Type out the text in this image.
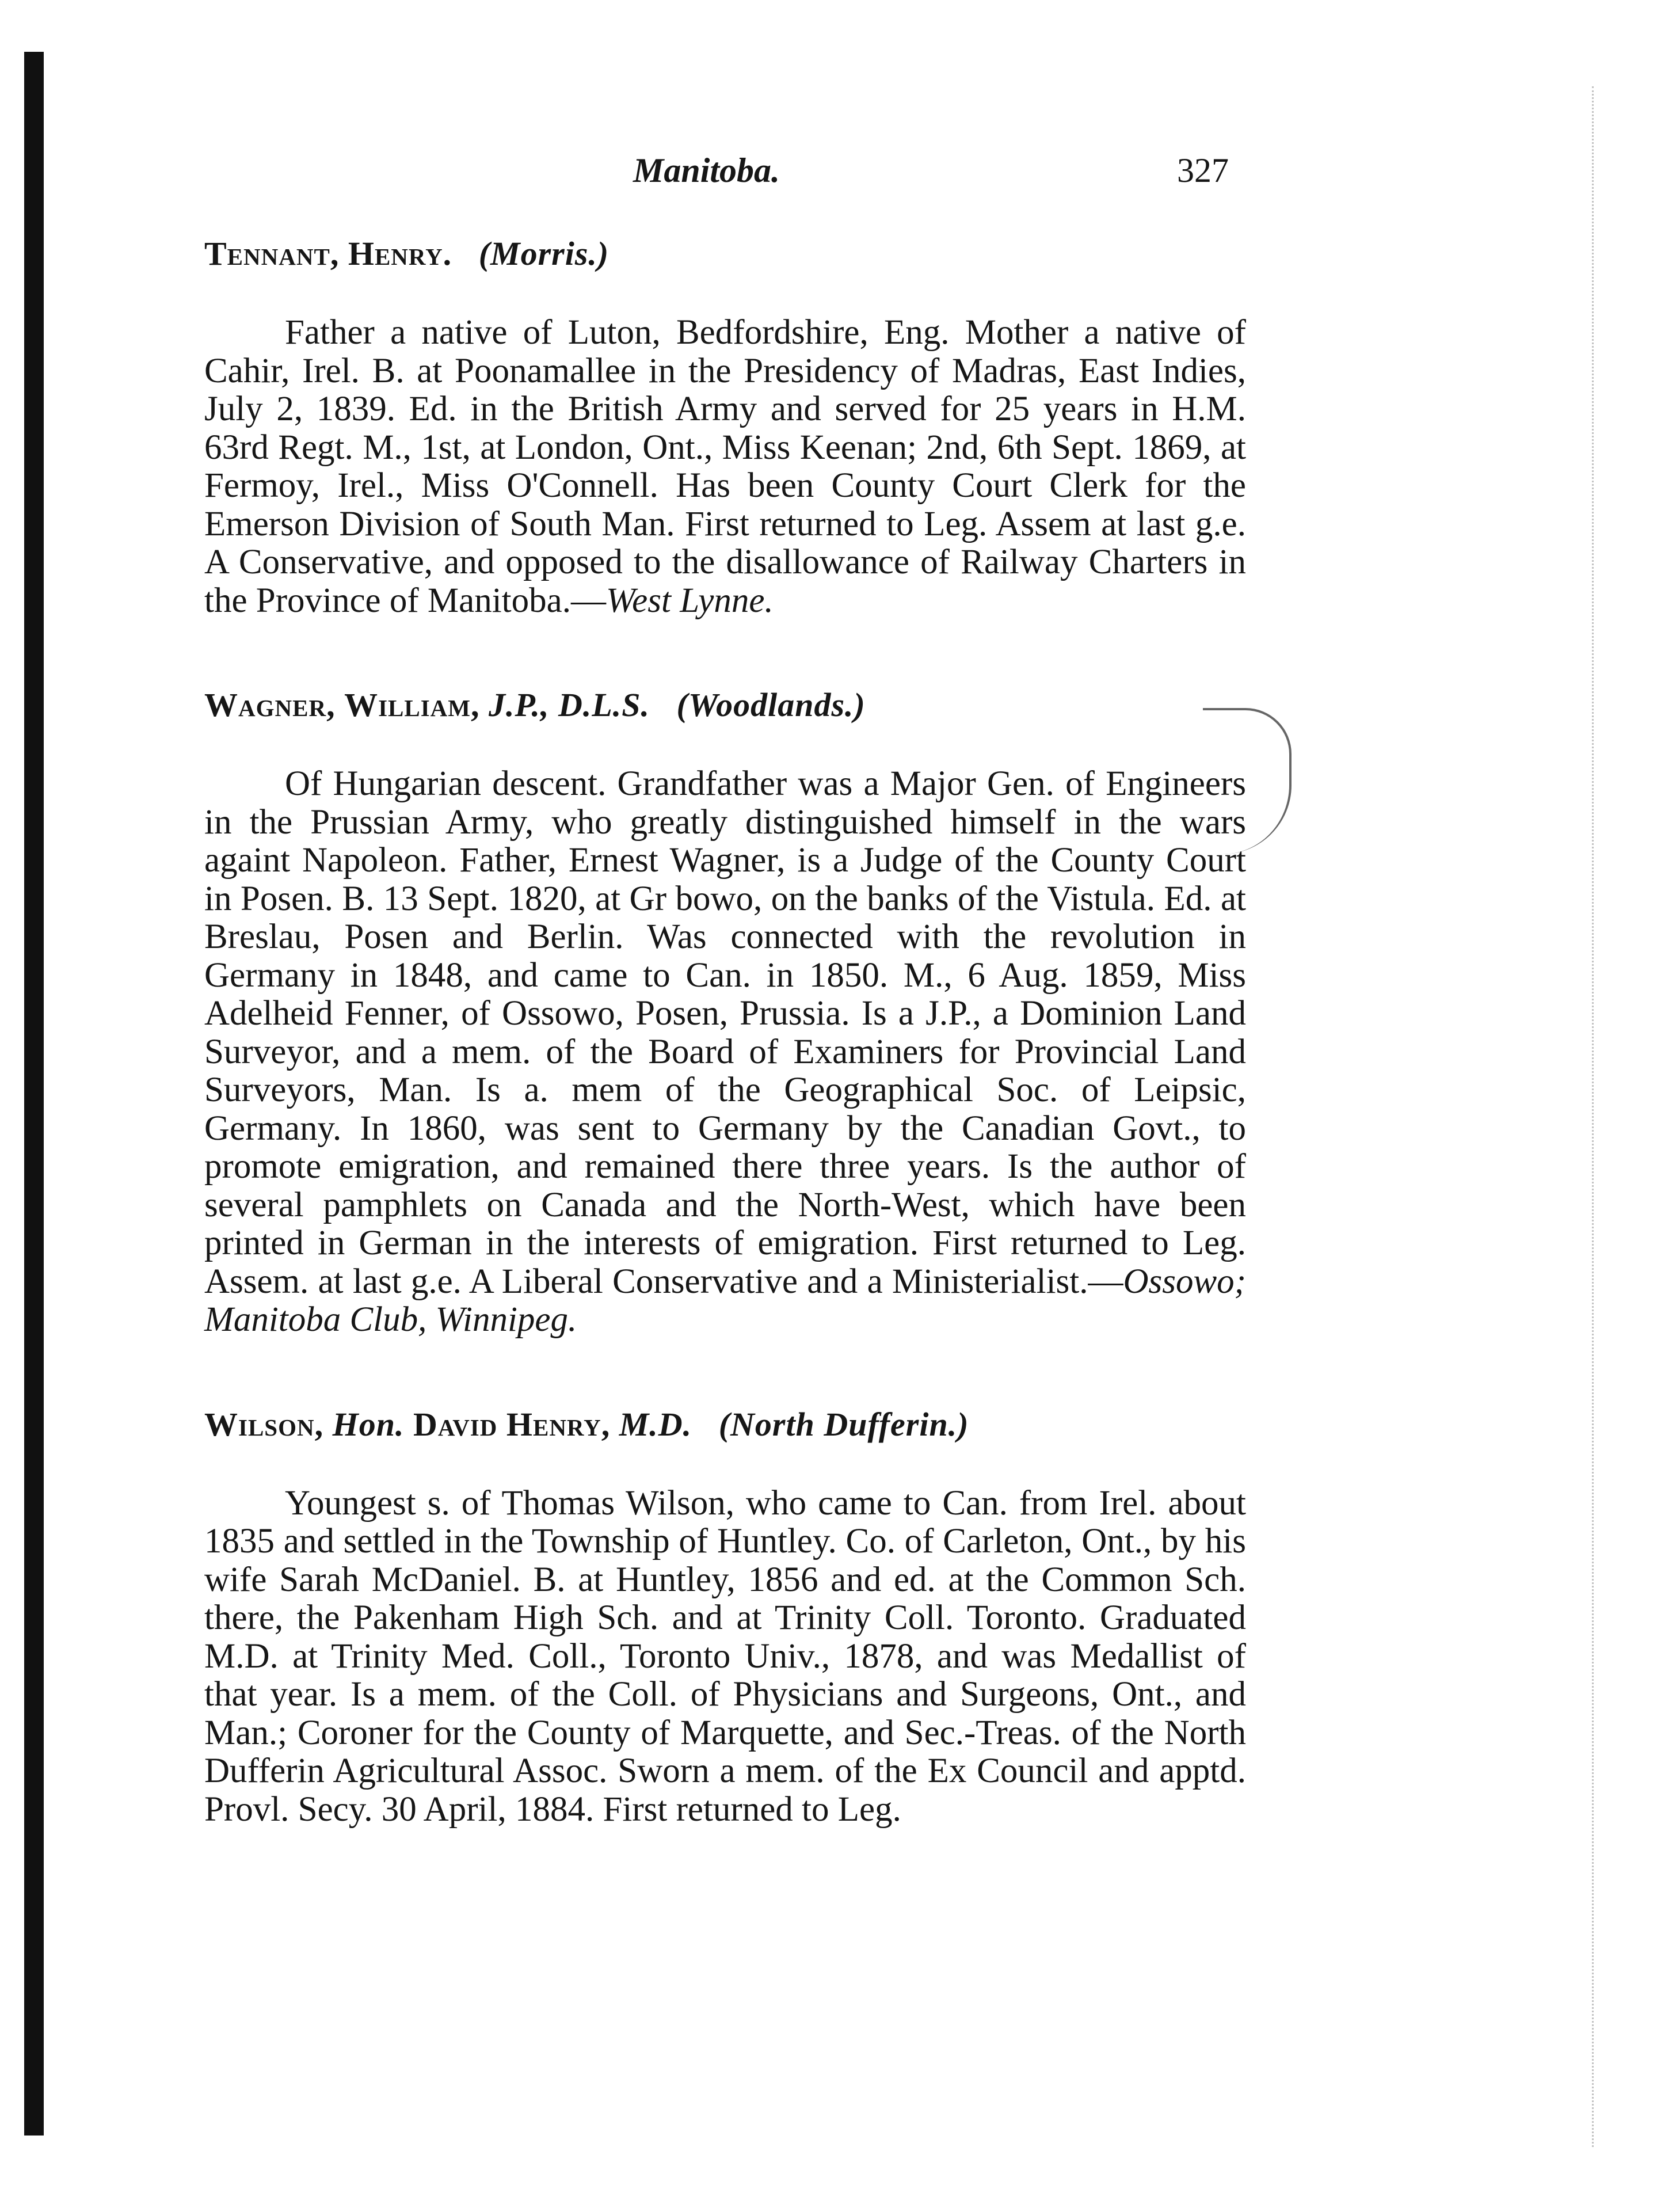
Manitoba.	327
Tennant, Henry. (Morris.)

Father a native of Luton, Bedfordshire, Eng. Mother a native of Cahir, Irel. B. at Poonamallee in the Presidency of Madras, East Indies, July 2, 1839. Ed. in the British Army and served for 25 years in H.M. 63rd Regt. M., 1st, at London, Ont., Miss Keenan; 2nd, 6th Sept. 1869, at Fermoy, Irel., Miss O'Connell. Has been County Court Clerk for the Emerson Division of South Man. First returned to Leg. Assem at last g.e. A Conservative, and opposed to the disallowance of Railway Charters in the Province of Manitoba.—West Lynne.

Wagner, William, J.P., D.L.S. (Woodlands.)

Of Hungarian descent. Grandfather was a Major Gen. of Engineers in the Prussian Army, who greatly distinguished himself in the wars againt Napoleon. Father, Ernest Wagner, is a Judge of the County Court in Posen. B. 13 Sept. 1820, at Gr bowo, on the banks of the Vistula. Ed. at Breslau, Posen and Berlin. Was connected with the revolution in Germany in 1848, and came to Can. in 1850. M., 6 Aug. 1859, Miss Adelheid Fenner, of Ossowo, Posen, Prussia. Is a J.P., a Dominion Land Surveyor, and a mem. of the Board of Examiners for Provincial Land Surveyors, Man. Is a. mem of the Geographical Soc. of Leipsic, Germany. In 1860, was sent to Germany by the Canadian Govt., to promote emigration, and remained there three years. Is the author of several pamphlets on Canada and the North-West, which have been printed in German in the interests of emigration. First returned to Leg. Assem. at last g.e. A Liberal Conservative and a Ministerialist.—Ossowo; Manitoba Club, Winnipeg.

Wilson, Hon. David Henry, M.D. (North Dufferin.)

Youngest s. of Thomas Wilson, who came to Can. from Irel. about 1835 and settled in the Township of Huntley. Co. of Carleton, Ont., by his wife Sarah McDaniel. B. at Huntley, 1856 and ed. at the Common Sch. there, the Pakenham High Sch. and at Trinity Coll. Toronto. Graduated M.D. at Trinity Med. Coll., Toronto Univ., 1878, and was Medallist of that year. Is a mem. of the Coll. of Physicians and Surgeons, Ont., and Man.; Coroner for the County of Marquette, and Sec.-Treas. of the North Dufferin Agricultural Assoc. Sworn a mem. of the Ex Council and apptd. Provl. Secy. 30 April, 1884. First returned to Leg.
